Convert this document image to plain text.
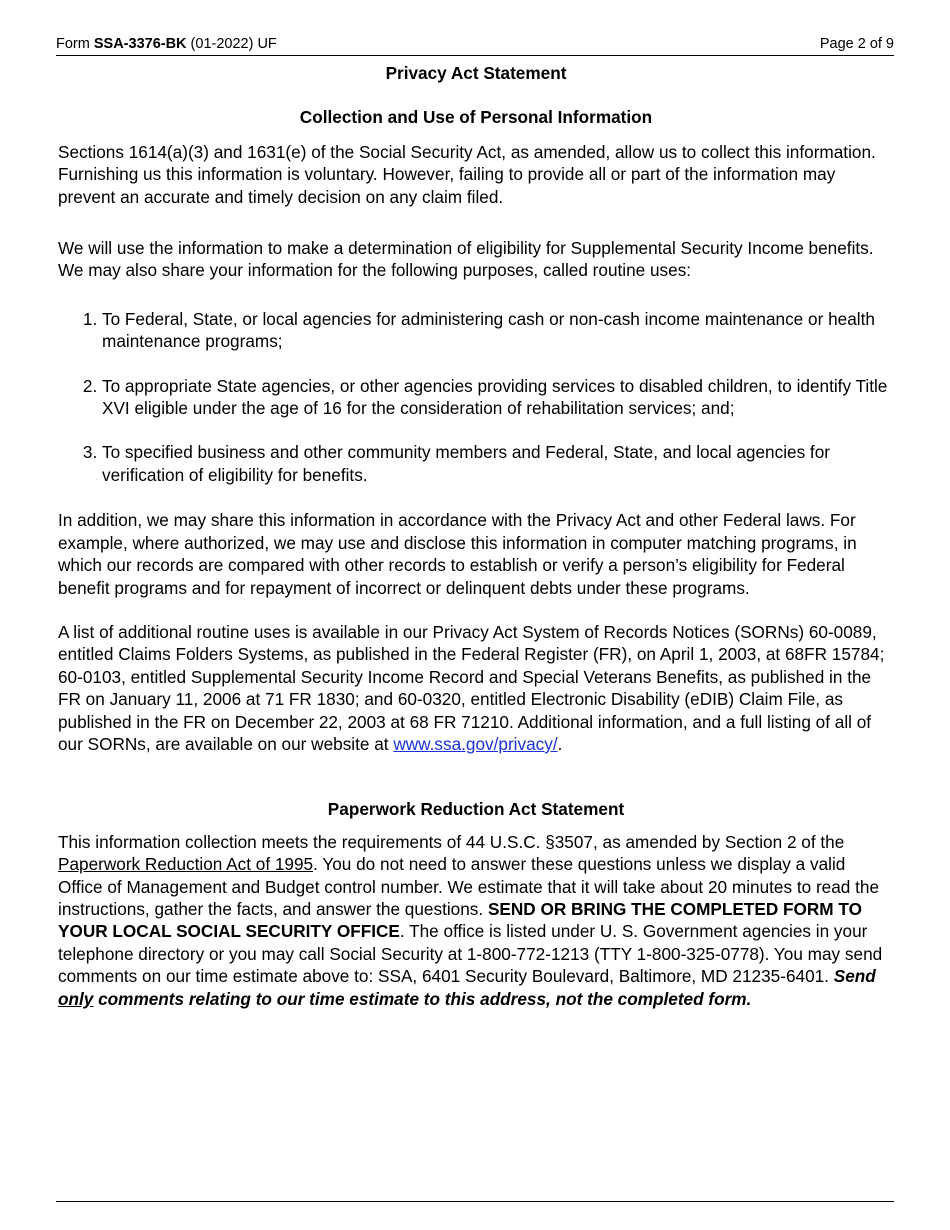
Form SSA-3376-BK (01-2022) UF	Page 2 of 9
Privacy Act Statement
Collection and Use of Personal Information

Sections 1614(a)(3) and 1631(e) of the Social Security Act, as amended, allow us to collect this information. Furnishing us this information is voluntary. However, failing to provide all or part of the information may prevent an accurate and timely decision on any claim filed.

We will use the information to make a determination of eligibility for Supplemental Security Income benefits. We may also share your information for the following purposes, called routine uses:

1. To Federal, State, or local agencies for administering cash or non-cash income maintenance or health maintenance programs;
2. To appropriate State agencies, or other agencies providing services to disabled children, to identify Title XVI eligible under the age of 16 for the consideration of rehabilitation services; and;
3. To specified business and other community members and Federal, State, and local agencies for verification of eligibility for benefits.

In addition, we may share this information in accordance with the Privacy Act and other Federal laws. For example, where authorized, we may use and disclose this information in computer matching programs, in which our records are compared with other records to establish or verify a person’s eligibility for Federal benefit programs and for repayment of incorrect or delinquent debts under these programs.

A list of additional routine uses is available in our Privacy Act System of Records Notices (SORNs) 60-0089, entitled Claims Folders Systems, as published in the Federal Register (FR), on April 1, 2003, at 68FR 15784; 60-0103, entitled Supplemental Security Income Record and Special Veterans Benefits, as published in the FR on January 11, 2006 at 71 FR 1830; and 60-0320, entitled Electronic Disability (eDIB) Claim File, as published in the FR on December 22, 2003 at 68 FR 71210. Additional information, and a full listing of all of our SORNs, are available on our website at www.ssa.gov/privacy/.

Paperwork Reduction Act Statement

This information collection meets the requirements of 44 U.S.C. §3507, as amended by Section 2 of the Paperwork Reduction Act of 1995. You do not need to answer these questions unless we display a valid Office of Management and Budget control number. We estimate that it will take about 20 minutes to read the instructions, gather the facts, and answer the questions. SEND OR BRING THE COMPLETED FORM TO YOUR LOCAL SOCIAL SECURITY OFFICE. The office is listed under U. S. Government agencies in your telephone directory or you may call Social Security at 1-800-772-1213 (TTY 1-800-325-0778). You may send comments on our time estimate above to: SSA, 6401 Security Boulevard, Baltimore, MD 21235-6401. Send only comments relating to our time estimate to this address, not the completed form.
